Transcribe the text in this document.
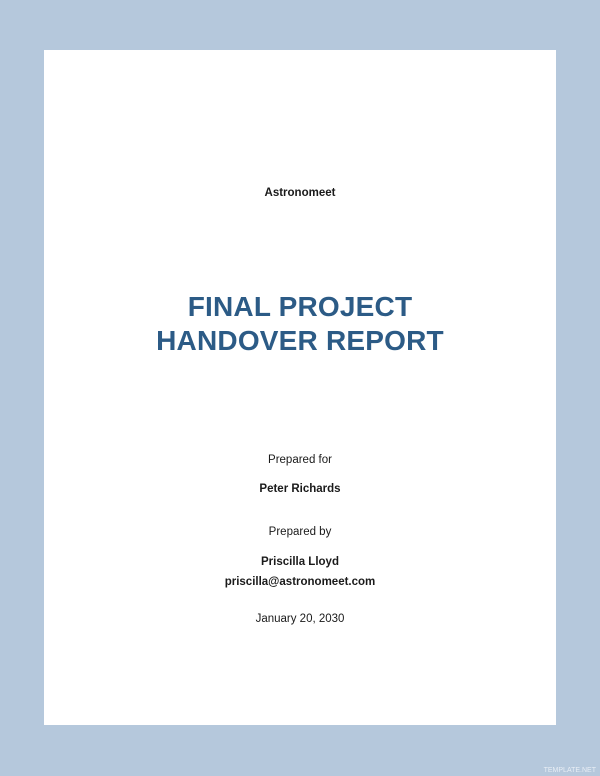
Astronomeet
FINAL PROJECT
HANDOVER REPORT
Prepared for
Peter Richards
Prepared by
Priscilla Lloyd
priscilla@astronomeet.com
January 20, 2030
TEMPLATE.NET
